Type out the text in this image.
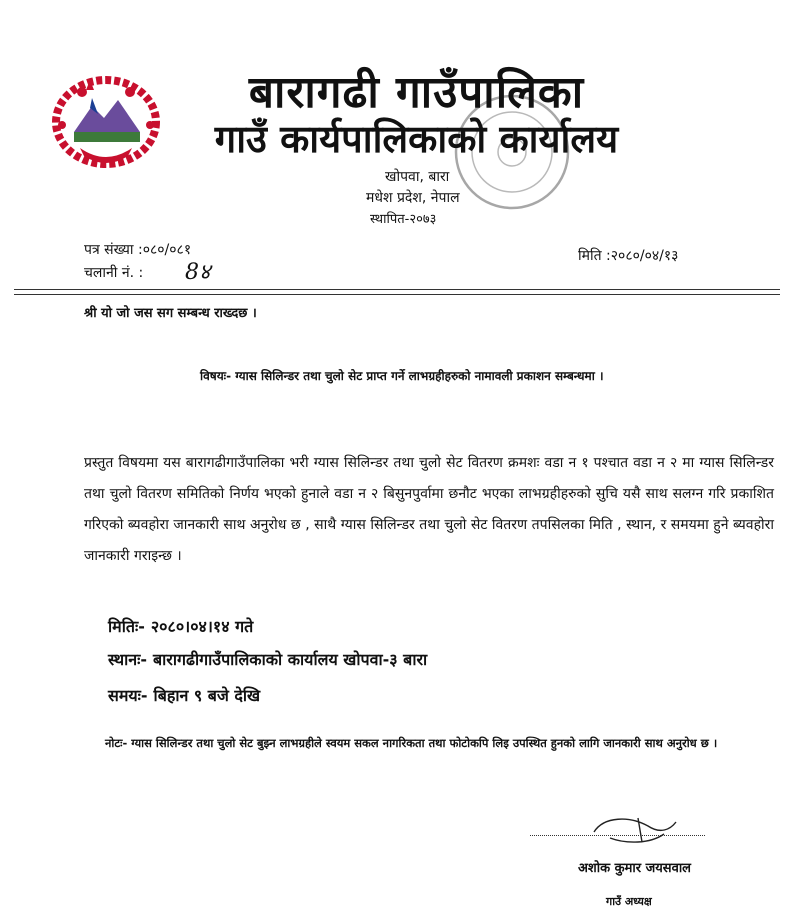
बारागढी गाउँपालिका
गाउँ कार्यपालिकाको कार्यालय
खोपवा, बारा
मधेश प्रदेश, नेपाल
स्थापित-२०७३
पत्र संख्या :०८०/०८१
चलानी नं. : 8४
मिति :२०८०/०४/१३
श्री यो जो जस सग सम्बन्ध राख्दछ ।
विषयः- ग्यास सिलिन्डर तथा चुलो सेट प्राप्त गर्ने लाभग्रहीहरुको नामावली प्रकाशन सम्बन्धमा ।
प्रस्तुत विषयमा यस बारागढीगाउँपालिका भरी ग्यास सिलिन्डर तथा चुलो सेट वितरण क्रमशः वडा न १ पश्चात वडा न २ मा ग्यास सिलिन्डर तथा चुलो वितरण समितिको निर्णय भएको हुनाले वडा न २ बिसुनपुर्वामा छनौट भएका लाभग्रहीहरुको सुचि यसै साथ सलग्न गरि प्रकाशित गरिएको ब्यवहोरा जानकारी साथ अनुरोध छ , साथै ग्यास सिलिन्डर तथा चुलो सेट वितरण तपसिलका मिति , स्थान, र समयमा हुने ब्यवहोरा जानकारी गराइन्छ ।
मितिः- २०८०।०४।१४ गते
स्थानः- बारागढीगाउँपालिकाको कार्यालय खोपवा-३ बारा
समयः- बिहान ९ बजे देखि
नोटः- ग्यास सिलिन्डर तथा चुलो सेट बुझ्न लाभग्रहीले स्वयम सकल नागरिकता तथा फोटोकपि लिइ उपस्थित हुनको लागि जानकारी साथ अनुरोध छ ।
अशोक कुमार जयसवाल
गाउँ अध्यक्ष
